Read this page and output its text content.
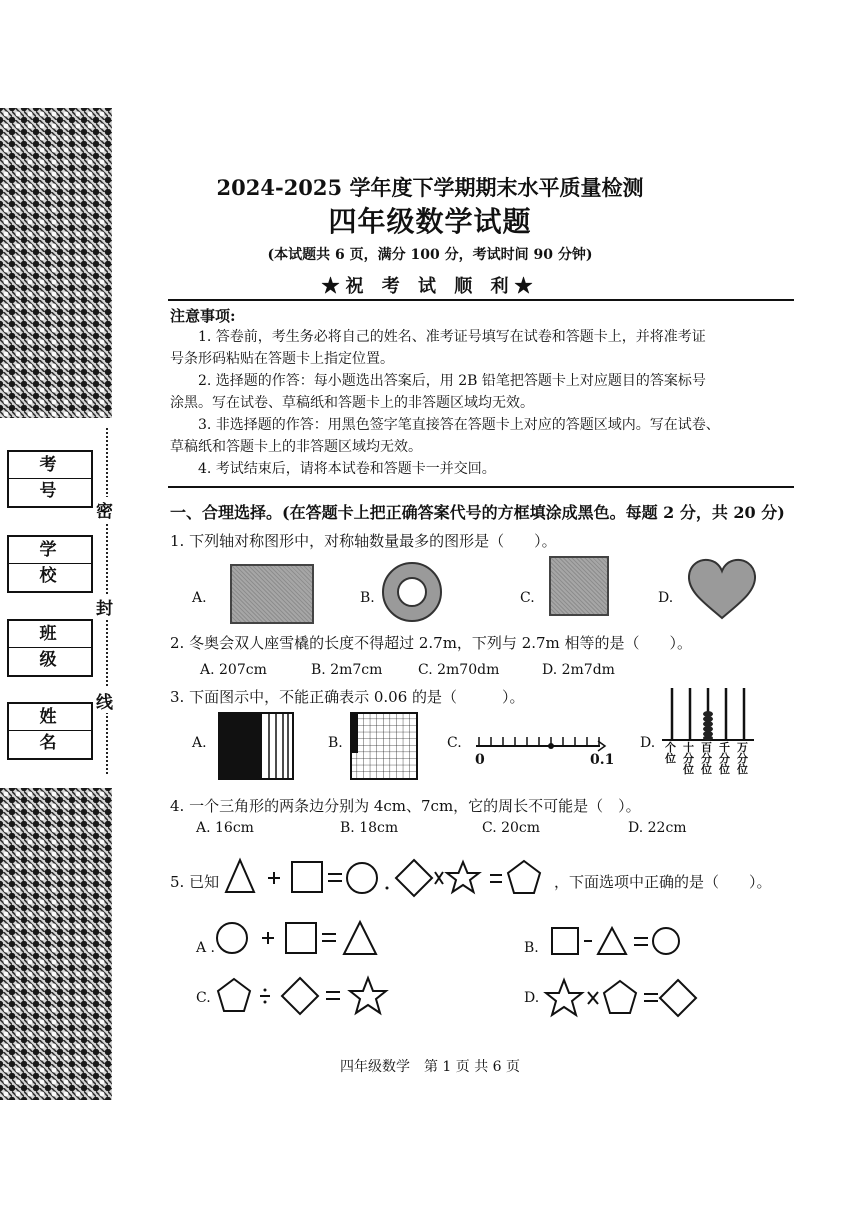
考 号
学 校
班 级
姓 名
密
封
线
2024-2025 学年度下学期期末水平质量检测
四年级数学试题
(本试题共 6 页，满分 100 分，考试时间 90 分钟)
★祝 考 试 顺 利★
注意事项:
1. 答卷前，考生务必将自己的姓名、准考证号填写在试卷和答题卡上，并将准考证
号条形码粘贴在答题卡上指定位置。
2. 选择题的作答：每小题选出答案后，用 2B 铅笔把答题卡上对应题目的答案标号
涂黑。写在试卷、草稿纸和答题卡上的非答题区域均无效。
3. 非选择题的作答：用黑色签字笔直接答在答题卡上对应的答题区域内。写在试卷、
草稿纸和答题卡上的非答题区域均无效。
4. 考试结束后，请将本试卷和答题卡一并交回。
一、合理选择。(在答题卡上把正确答案代号的方框填涂成黑色。每题 2 分，共 20 分)
1. 下列轴对称图形中，对称轴数量最多的图形是（　　）。
A.	B.	C.	D.
2. 冬奥会双人座雪橇的长度不得超过 2.7m，下列与 2.7m 相等的是（　　）。
A. 207cm	B. 2m7cm	C. 2m70dm	D. 2m7dm
3. 下面图示中，不能正确表示 0.06 的是（　　　）。
A.	B.	C.
0	0.1
D. 个位
十分位
百分位
千分位
万分位
4. 一个三角形的两条边分别为 4cm、7cm，它的周长不可能是（　）。
A. 16cm	B. 18cm	C. 20cm	D. 22cm
5. 已知	，下面选项中正确的是（　　）。
A .	B.
C.	D.
四年级数学　第 1 页 共 6 页
